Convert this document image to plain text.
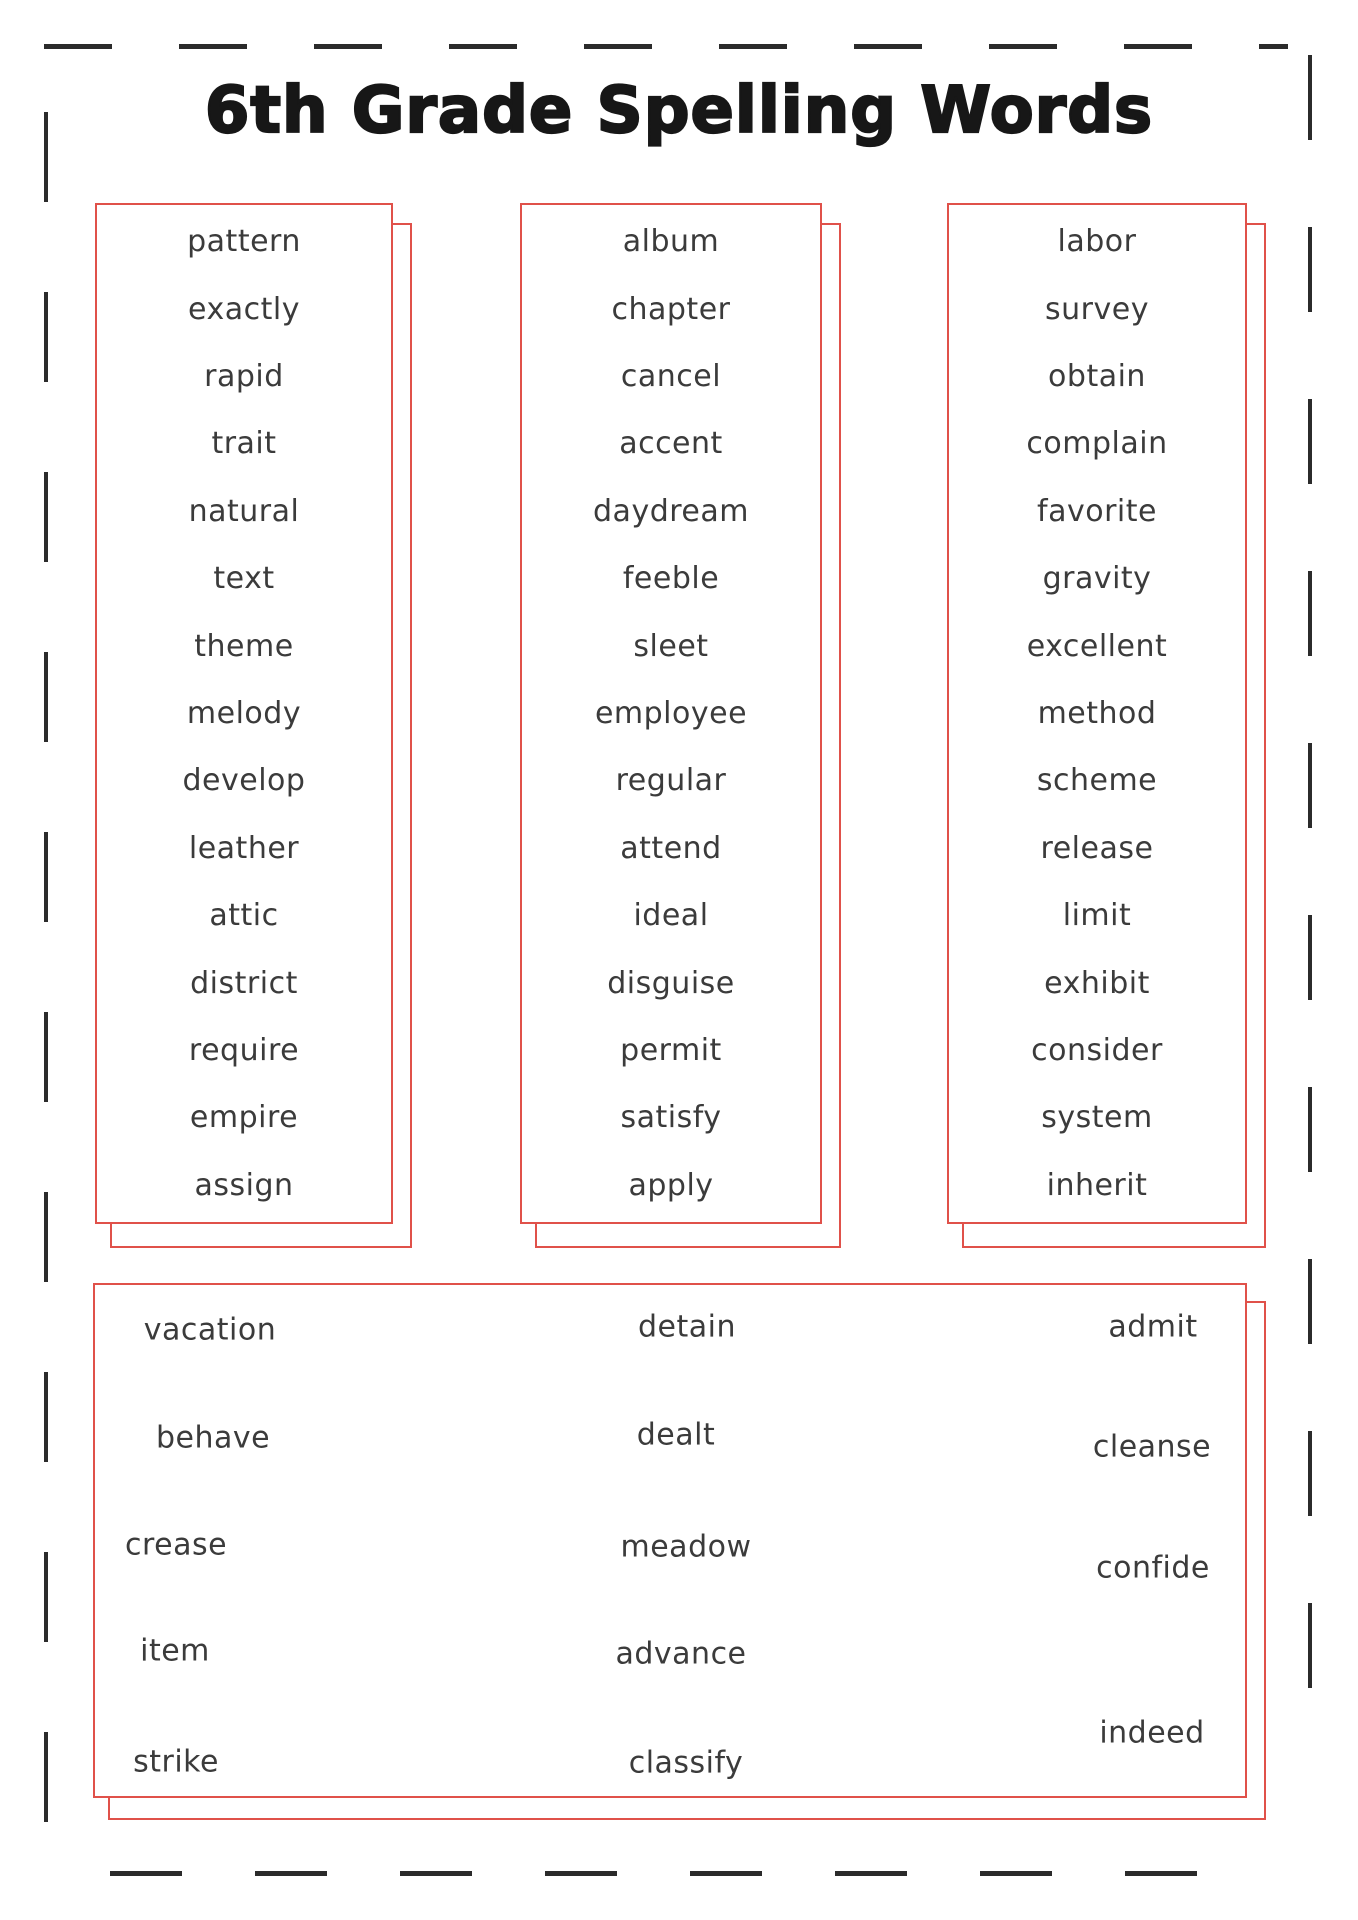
6th Grade Spelling Words
pattern
exactly
rapid
trait
natural
text
theme
melody
develop
leather
attic
district
require
empire
assign
album
chapter
cancel
accent
daydream
feeble
sleet
employee
regular
attend
ideal
disguise
permit
satisfy
apply
labor
survey
obtain
complain
favorite
gravity
excellent
method
scheme
release
limit
exhibit
consider
system
inherit
vacation
behave
crease
item
strike
detain
dealt
meadow
advance
classify
admit
cleanse
confide
indeed
